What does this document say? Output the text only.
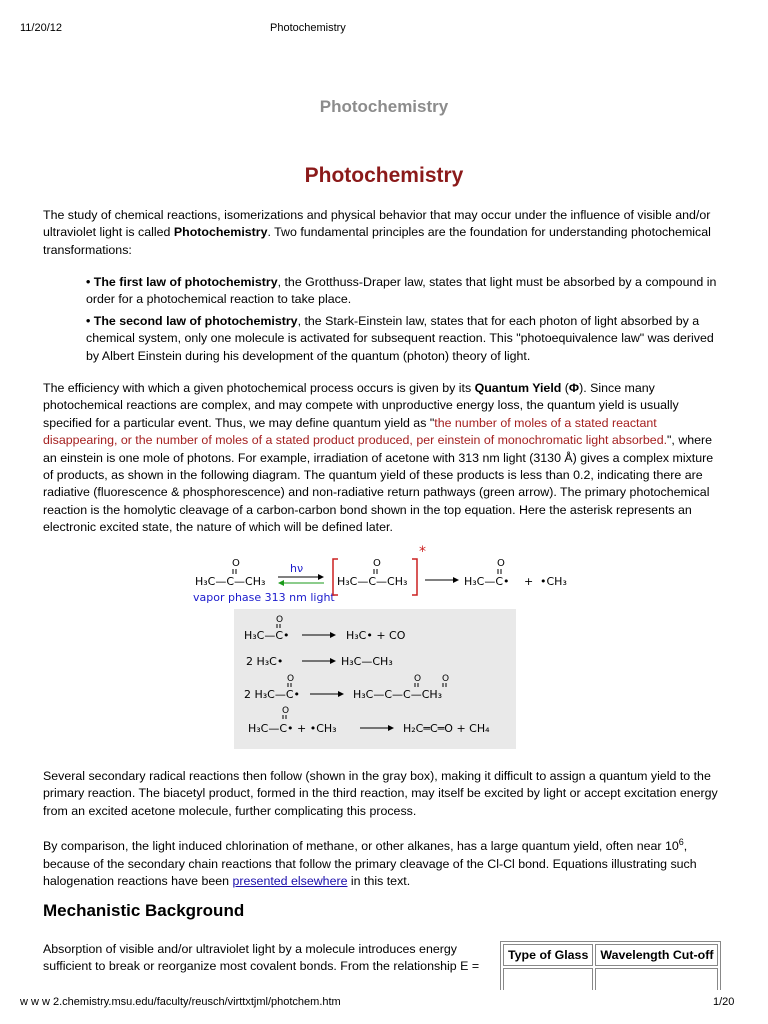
11/20/12	Photochemistry
Photochemistry
Photochemistry

The study of chemical reactions, isomerizations and physical behavior that may occur under the influence of visible and/or ultraviolet light is called Photochemistry. Two fundamental principles are the foundation for understanding photochemical transformations:

• The first law of photochemistry, the Grotthuss-Draper law, states that light must be absorbed by a compound in order for a photochemical reaction to take place.

• The second law of photochemistry, the Stark-Einstein law, states that for each photon of light absorbed by a chemical system, only one molecule is activated for subsequent reaction. This "photoequivalence law" was derived by Albert Einstein during his development of the quantum (photon) theory of light.

The efficiency with which a given photochemical process occurs is given by its Quantum Yield (Φ). Since many photochemical reactions are complex, and may compete with unproductive energy loss, the quantum yield is usually specified for a particular event. Thus, we may define quantum yield as "the number of moles of a stated reactant disappearing, or the number of moles of a stated product produced, per einstein of monochromatic light absorbed.", where an einstein is one mole of photons. For example, irradiation of acetone with 313 nm light (3130 Å) gives a complex mixture of products, as shown in the following diagram. The quantum yield of these products is less than 0.2, indicating there are radiative (fluorescence & phosphorescence) and non-radiative return pathways (green arrow). The primary photochemical reaction is the homolytic cleavage of a carbon-carbon bond shown in the top equation. Here the asterisk represents an electronic excited state, the nature of which will be defined later.

O
H₃C—C—CH₃
hν
vapor phase 313 nm light
*
O
H₃C—C—CH₃
O
H₃C—C• + •CH₃
O
H₃C—C•	H₃C• + CO
2 H₃C•	H₃C—CH₃
O	O O
2 H₃C—C•	H₃C—C—C—CH₃
O
H₃C—C• + •CH₃	H₂C═C═O + CH₄

Several secondary radical reactions then follow (shown in the gray box), making it difficult to assign a quantum yield to the primary reaction. The biacetyl product, formed in the third reaction, may itself be excited by light or accept excitation energy from an excited acetone molecule, further complicating this process.

By comparison, the light induced chlorination of methane, or other alkanes, has a large quantum yield, often near $10^6$, because of the secondary chain reactions that follow the primary cleavage of the Cl-Cl bond. Equations illustrating such halogenation reactions have been presented elsewhere in this text.

Mechanistic Background

Absorption of visible and/or ultraviolet light by a molecule introduces energy sufficient to break or reorganize most covalent bonds. From the relationship E =

Type of Glass	Wavelength Cut-off

w w w 2.chemistry.msu.edu/faculty/reusch/virttxtjml/photchem.htm	1/20
